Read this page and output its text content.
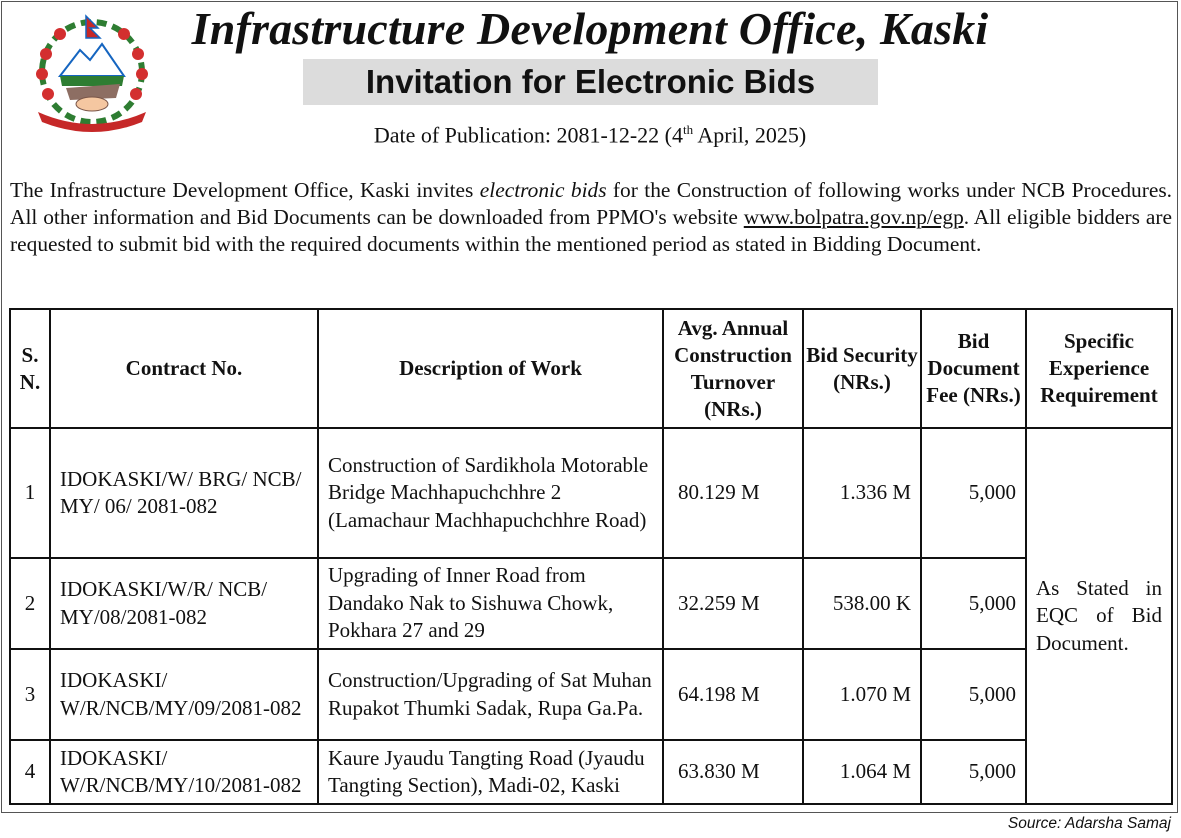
Infrastructure Development Office, Kaski
Invitation for Electronic Bids
Date of Publication: 2081-12-22 (4th April, 2025)
The Infrastructure Development Office, Kaski invites electronic bids for the Construction of following works under NCB Procedures. All other information and Bid Documents can be downloaded from PPMO's website www.bolpatra.gov.np/egp. All eligible bidders are requested to submit bid with the required documents within the mentioned period as stated in Bidding Document.
S. N.	Contract No.	Description of Work	Avg. Annual Construction Turnover (NRs.)	Bid Security (NRs.)	Bid Document Fee (NRs.)	Specific Experience Requirement
1	IDOKASKI/W/ BRG/ NCB/ MY/ 06/ 2081-082	Construction of Sardikhola Motorable Bridge Machhapuchchhre 2 (Lamachaur Machhapuchchhre Road)	80.129 M	1.336 M	5,000	As Stated in EQC of Bid Document.
2	IDOKASKI/W/R/ NCB/ MY/08/2081-082	Upgrading of Inner Road from Dandako Nak to Sishuwa Chowk, Pokhara 27 and 29	32.259 M	538.00 K	5,000	
3	IDOKASKI/ W/R/NCB/MY/09/2081-082	Construction/Upgrading of Sat Muhan Rupakot Thumki Sadak, Rupa Ga.Pa.	64.198 M	1.070 M	5,000	
4	IDOKASKI/ W/R/NCB/MY/10/2081-082	Kaure Jyaudu Tangting Road (Jyaudu Tangting Section), Madi-02, Kaski	63.830 M	1.064 M	5,000	
Source: Adarsha Samaj
